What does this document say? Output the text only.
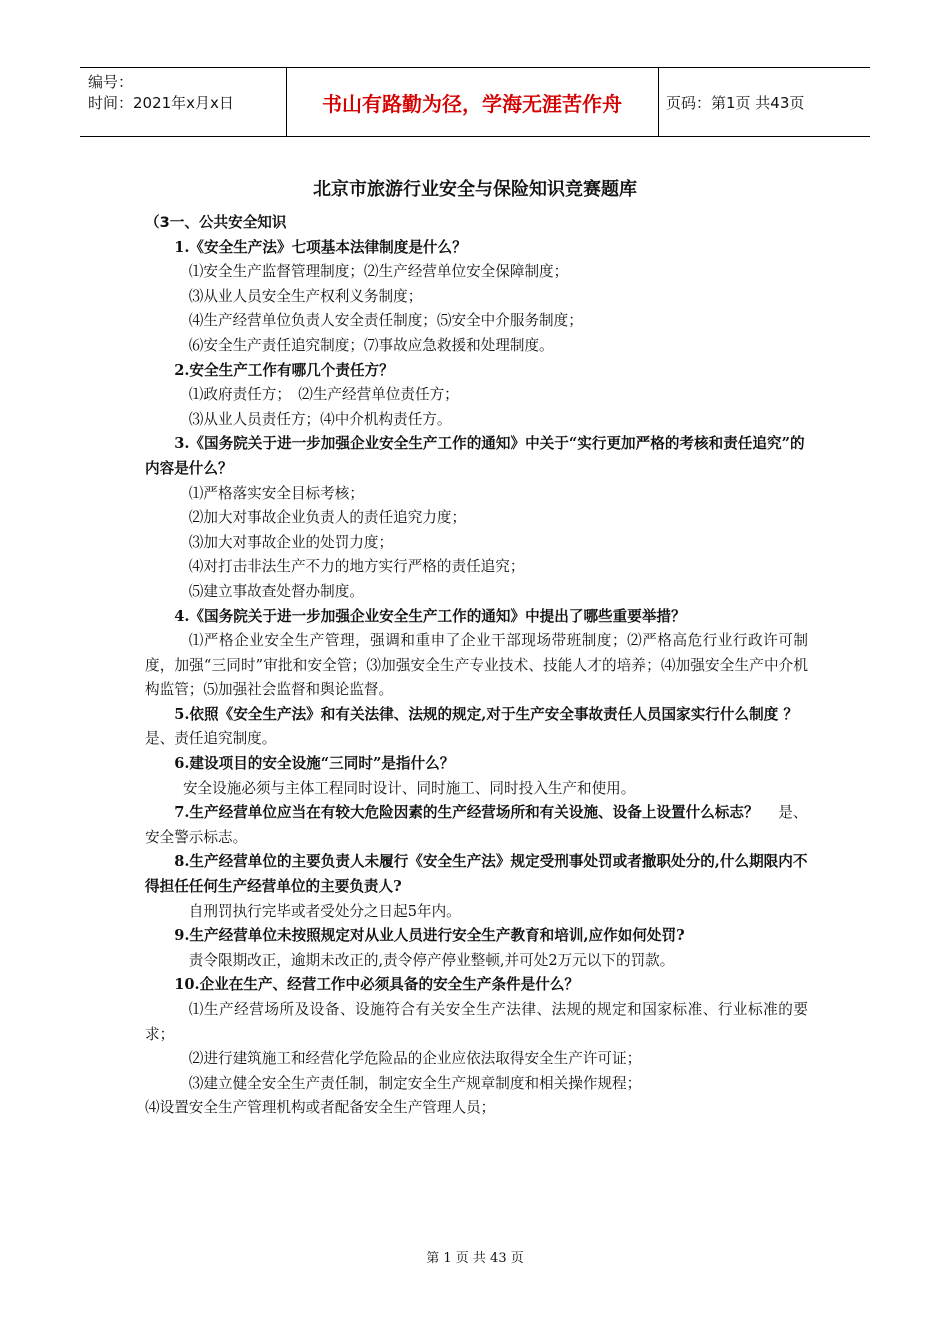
编号：
时间：2021年x月x日	书山有路勤为径，学海无涯苦作舟	页码：第1页 共43页
北京市旅游行业安全与保险知识竞赛题库

（3一、公共安全知识

1.《安全生产法》七项基本法律制度是什么？

⑴安全生产监督管理制度；⑵生产经营单位安全保障制度；

⑶从业人员安全生产权利义务制度；

⑷生产经营单位负责人安全责任制度；⑸安全中介服务制度；

⑹安全生产责任追究制度；⑺事故应急救援和处理制度。

2.安全生产工作有哪几个责任方？

⑴政府责任方；　⑵生产经营单位责任方；

⑶从业人员责任方；⑷中介机构责任方。

3.《国务院关于进一步加强企业安全生产工作的通知》中关于“实行更加严格的考核和责任追究”的内容是什么？

⑴严格落实安全目标考核；

⑵加大对事故企业负责人的责任追究力度；

⑶加大对事故企业的处罚力度；

⑷对打击非法生产不力的地方实行严格的责任追究；

⑸建立事故查处督办制度。

4.《国务院关于进一步加强企业安全生产工作的通知》中提出了哪些重要举措？

⑴严格企业安全生产管理，强调和重申了企业干部现场带班制度；⑵严格高危行业行政许可制度，加强“三同时”审批和安全管；⑶加强安全生产专业技术、技能人才的培养；⑷加强安全生产中介机构监管；⑸加强社会监督和舆论监督。

5.依照《安全生产法》和有关法律、法规的规定,对于生产安全事故责任人员国家实行什么制度 ？　 是、责任追究制度。

6.建设项目的安全设施“三同时”是指什么？

安全设施必须与主体工程同时设计、同时施工、同时投入生产和使用。

7.生产经营单位应当在有较大危险因素的生产经营场所和有关设施、设备上设置什么标志？　 是、安全警示标志。

8.生产经营单位的主要负责人未履行《安全生产法》规定受刑事处罚或者撤职处分的,什么期限内不得担任任何生产经营单位的主要负责人?

自刑罚执行完毕或者受处分之日起5年内。

9.生产经营单位未按照规定对从业人员进行安全生产教育和培训,应作如何处罚?

责令限期改正，逾期未改正的,责令停产停业整顿,并可处2万元以下的罚款。

10.企业在生产、经营工作中必须具备的安全生产条件是什么？

⑴生产经营场所及设备、设施符合有关安全生产法律、法规的规定和国家标准、行业标准的要求；

⑵进行建筑施工和经营化学危险品的企业应依法取得安全生产许可证；

⑶建立健全安全生产责任制，制定安全生产规章制度和相关操作规程；

⑷设置安全生产管理机构或者配备安全生产管理人员；

第 1 页 共 43 页
